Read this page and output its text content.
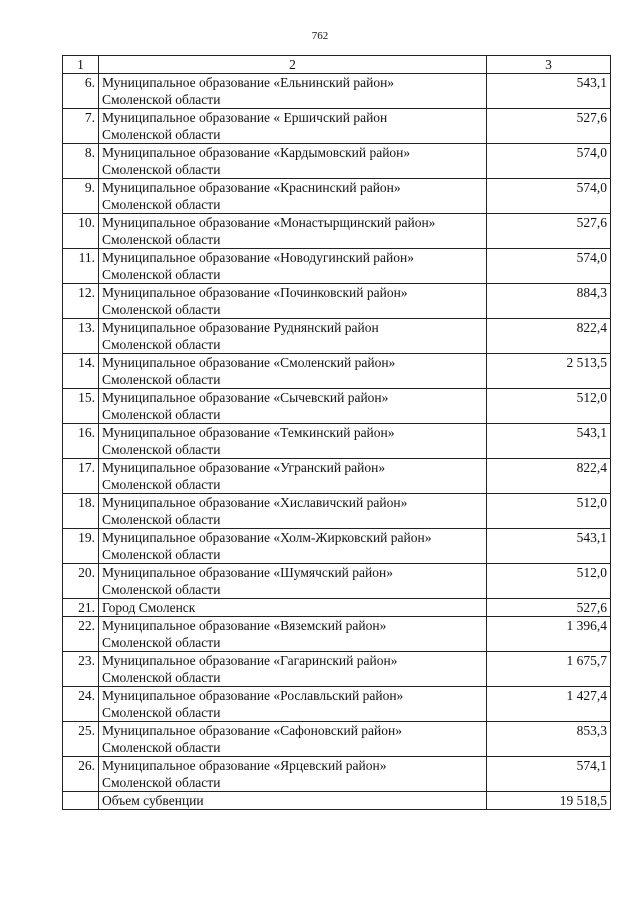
762
1	2	3
6.	Муниципальное образование «Ельнинский район»
Смоленской области	543,1
7.	Муниципальное образование « Ершичский район
Смоленской области	527,6
8.	Муниципальное образование «Кардымовский район»
Смоленской области	574,0
9.	Муниципальное образование «Краснинский район»
Смоленской области	574,0
10.	Муниципальное образование «Монастырщинский район»
Смоленской области	527,6
11.	Муниципальное образование «Новодугинский район»
Смоленской области	574,0
12.	Муниципальное образование «Починковский район»
Смоленской области	884,3
13.	Муниципальное образование Руднянский район
Смоленской области	822,4
14.	Муниципальное образование «Смоленский район»
Смоленской области	2 513,5
15.	Муниципальное образование «Сычевский район»
Смоленской области	512,0
16.	Муниципальное образование «Темкинский район»
Смоленской области	543,1
17.	Муниципальное образование «Угранский район»
Смоленской области	822,4
18.	Муниципальное образование «Хиславичский район»
Смоленской области	512,0
19.	Муниципальное образование «Холм-Жирковский район»
Смоленской области	543,1
20.	Муниципальное образование «Шумячский район»
Смоленской области	512,0
21.	Город Смоленск	527,6
22.	Муниципальное образование «Вяземский район»
Смоленской области	1 396,4
23.	Муниципальное образование «Гагаринский район»
Смоленской области	1 675,7
24.	Муниципальное образование «Рославльский район»
Смоленской области	1 427,4
25.	Муниципальное образование «Сафоновский район»
Смоленской области	853,3
26.	Муниципальное образование «Ярцевский район»
Смоленской области	574,1

	Объем субвенции	19 518,5
